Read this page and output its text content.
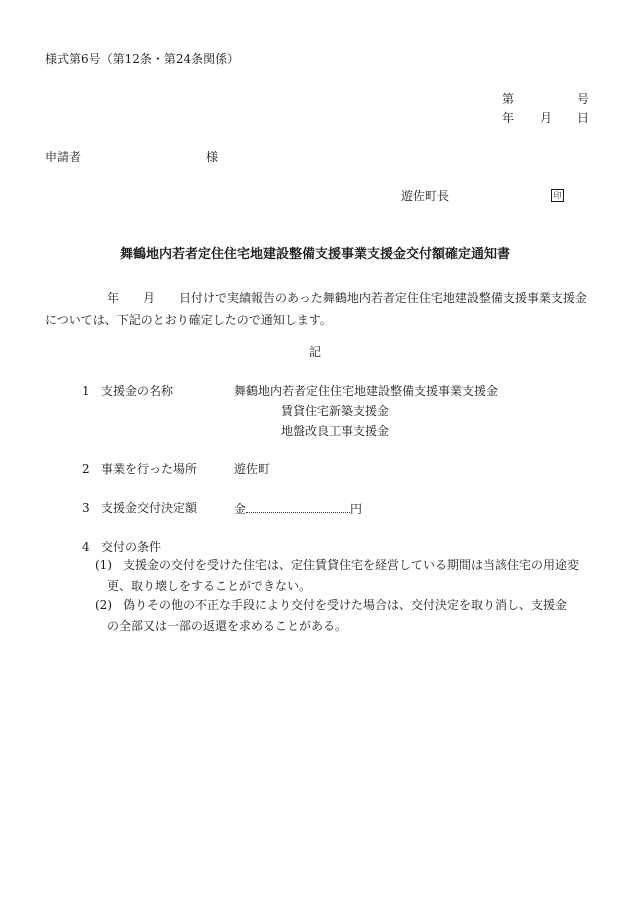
様式第6号（第12条・第24条関係）
第	号
年 月 日
申請者	様
遊佐町長	印
舞鶴地内若者定住住宅地建設整備支援事業支援金交付額確定通知書
年 月 日付けで実績報告のあった舞鶴地内若者定住住宅地建設整備支援事業支援金については、下記のとおり確定したので通知します。
記
1 支援金の名称	舞鶴地内若者定住住宅地建設整備支援事業支援金
賃貸住宅新築支援金
地盤改良工事支援金
2 事業を行った場所	遊佐町
3 支援金交付決定額	金	円
4 交付の条件
(1) 支援金の交付を受けた住宅は、定住賃貸住宅を経営している期間は当該住宅の用途変
更、取り壊しをすることができない。
(2) 偽りその他の不正な手段により交付を受けた場合は、交付決定を取り消し、支援金
の全部又は一部の返還を求めることがある。
